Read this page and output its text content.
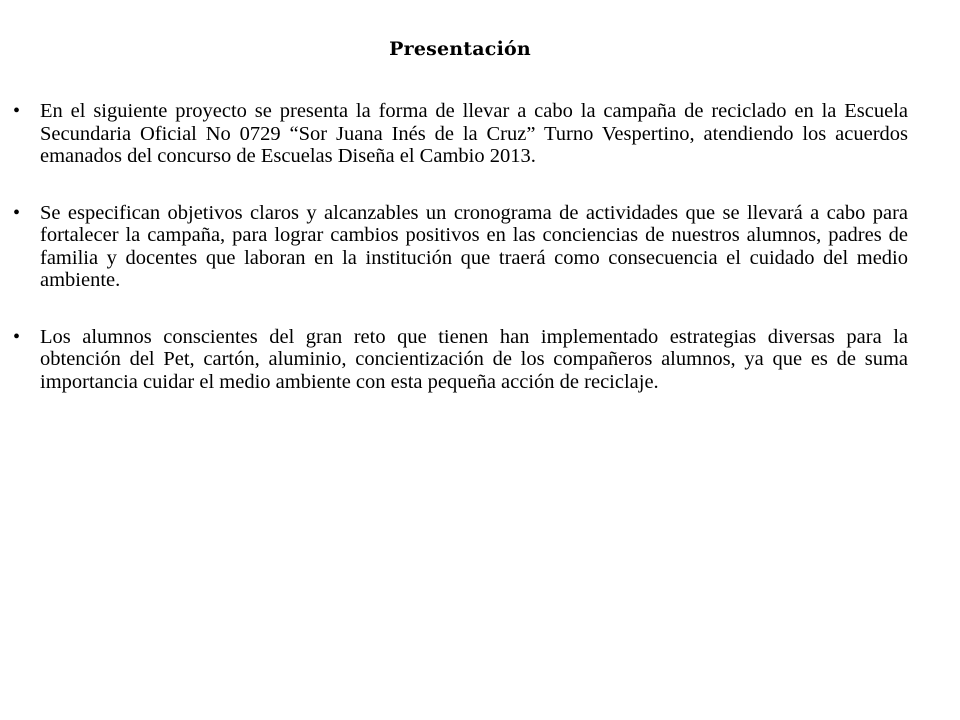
Presentación
• En el siguiente proyecto se presenta la forma de llevar a cabo la campaña de reciclado en la Escuela Secundaria Oficial No 0729 “Sor Juana Inés de la Cruz” Turno Vespertino, atendiendo los acuerdos emanados del concurso de Escuelas Diseña el Cambio 2013.
• Se especifican objetivos claros y alcanzables un cronograma de actividades que se llevará a cabo para fortalecer la campaña, para lograr cambios positivos en las conciencias de nuestros alumnos, padres de familia y docentes que laboran en la institución que traerá como consecuencia el cuidado del medio ambiente.
• Los alumnos conscientes del gran reto que tienen han implementado estrategias diversas para la obtención del Pet, cartón, aluminio, concientización de los compañeros alumnos, ya que es de suma importancia cuidar el medio ambiente con esta pequeña acción de reciclaje.
